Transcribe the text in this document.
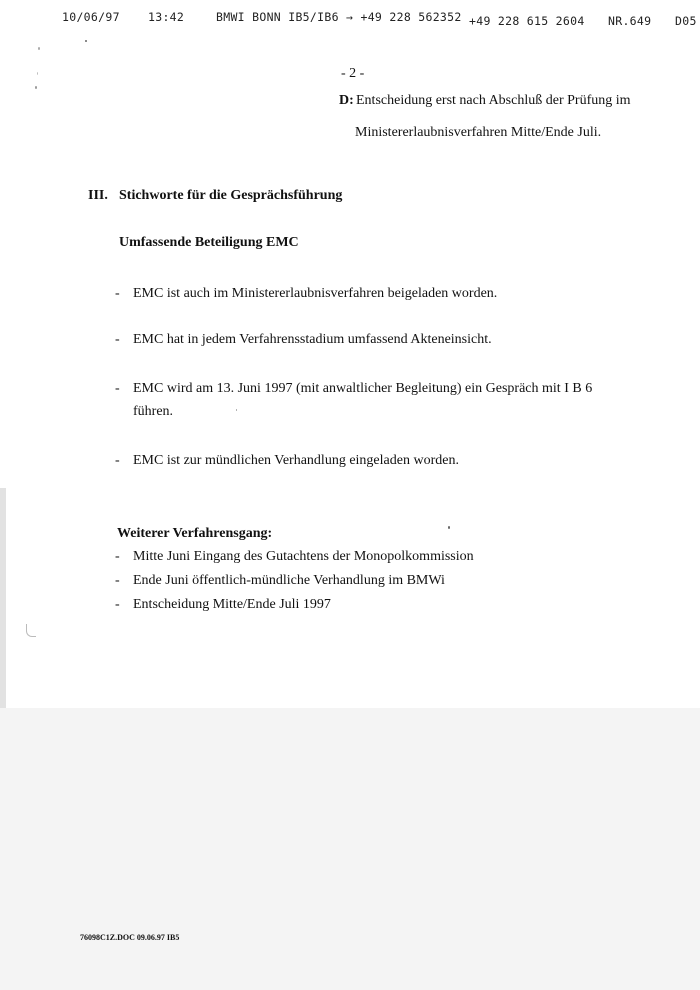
10/06/97 13:42	BMWI BONN IB5/IB6 → +49 228 562352 +49 228 615 2604 NR.649 D05
- 2 -
D: Entscheidung erst nach Abschluß der Prüfung im
Ministererlaubnisverfahren Mitte/Ende Juli.
III. Stichworte für die Gesprächsführung
Umfassende Beteiligung EMC
- EMC ist auch im Ministererlaubnisverfahren beigeladen worden.
- EMC hat in jedem Verfahrensstadium umfassend Akteneinsicht.
- EMC wird am 13. Juni 1997 (mit anwaltlicher Begleitung) ein Gespräch mit I B 6
führen.
- EMC ist zur mündlichen Verhandlung eingeladen worden.
Weiterer Verfahrensgang:
- Mitte Juni Eingang des Gutachtens der Monopolkommission
- Ende Juni öffentlich-mündliche Verhandlung im BMWi
- Entscheidung Mitte/Ende Juli 1997
76098C1Z.DOC 09.06.97 IB5
